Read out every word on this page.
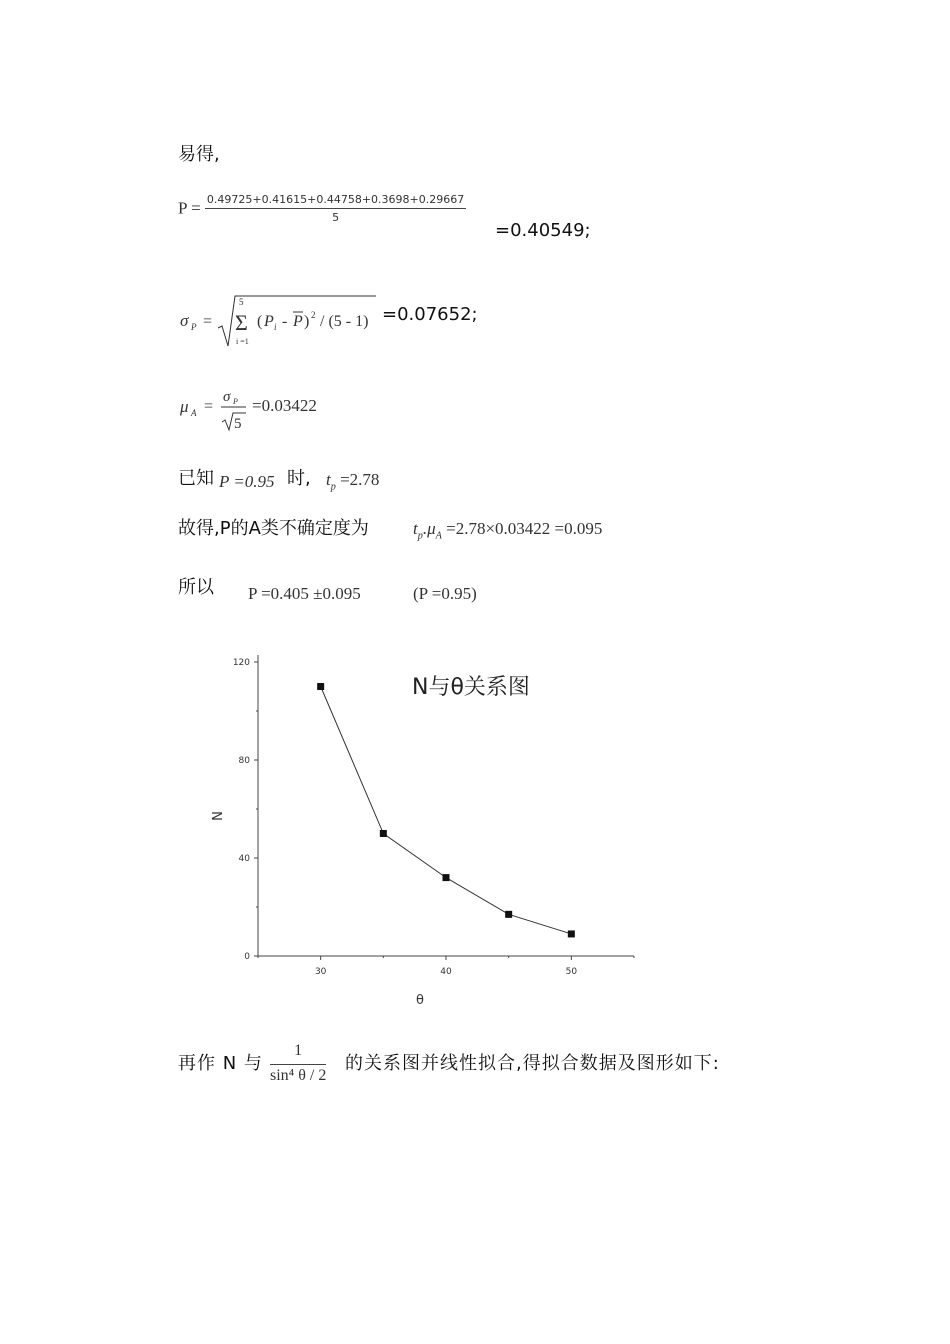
易得,
$P = \frac{0.49725+0.41615+0.44758+0.3698+0.29667}{5}$
=0.40549;
σ P =
5
Σ
i =1
( P i - P ) 2 / (5 - 1) =0.07652;
μ A =
σ P
5
=0.03422
已知 P =0.95 时, $t_p =2.78$
故得,P的A类不确定度为	$t_p.\mu_A =2.78\times 0.03422 =0.095$
所以 P =0.405 ±0.095	(P =0.95)
N与θ关系图
N
θ
0
40
80
120
30	40	50
再作 N 与 $\frac{1}{\text{sin⁴ θ / 2}}$ 的关系图并线性拟合,得拟合数据及图形如下:
